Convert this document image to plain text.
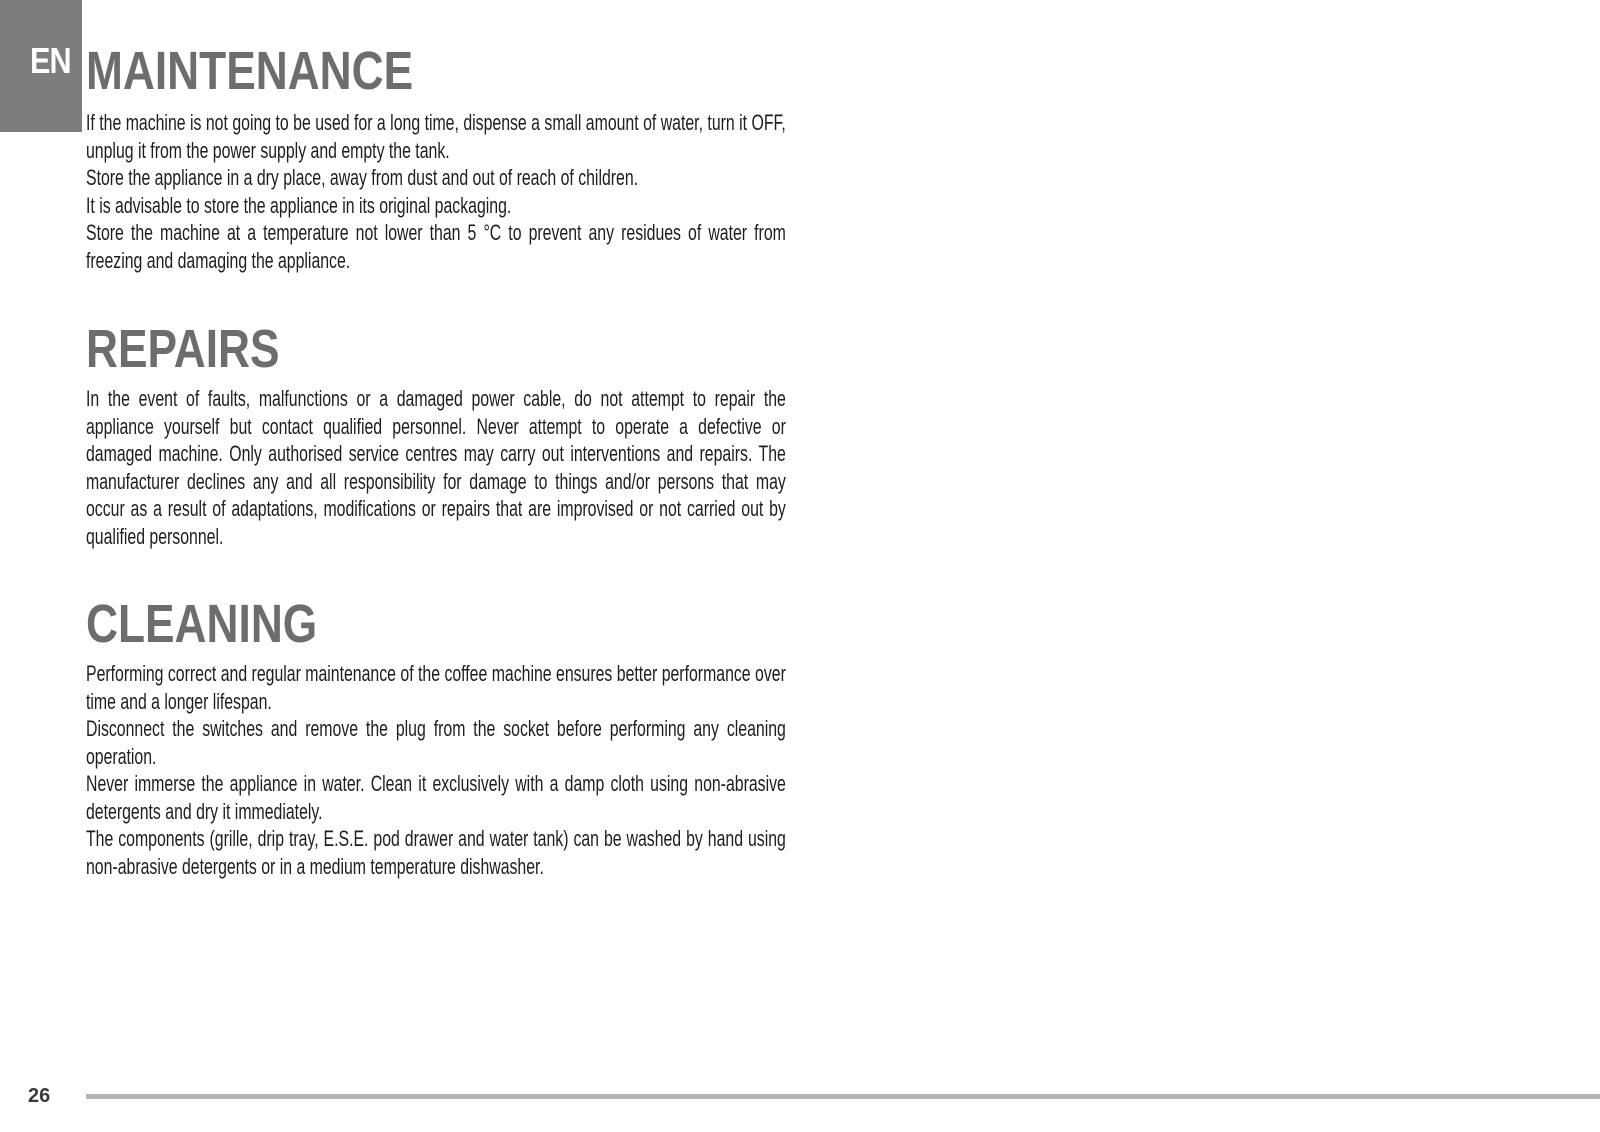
EN MAINTENANCE

If the machine is not going to be used for a long time, dispense a small amount of water, turn it OFF, unplug it from the power supply and empty the tank.

Store the appliance in a dry place, away from dust and out of reach of children.

It is advisable to store the appliance in its original packaging.

Store the machine at a temperature not lower than 5 °C to prevent any residues of water from freezing and damaging the appliance.

REPAIRS

In the event of faults, malfunctions or a damaged power cable, do not attempt to repair the appliance yourself but contact qualified personnel. Never attempt to operate a defective or damaged machine. Only authorised service centres may carry out interventions and repairs. The manufacturer declines any and all responsibility for damage to things and/or persons that may occur as a result of adaptations, modifications or repairs that are improvised or not carried out by qualified personnel.

CLEANING

Performing correct and regular maintenance of the coffee machine ensures better performance over time and a longer lifespan.

Disconnect the switches and remove the plug from the socket before performing any cleaning operation.

Never immerse the appliance in water. Clean it exclusively with a damp cloth using non-abrasive detergents and dry it immediately.

The components (grille, drip tray, E.S.E. pod drawer and water tank) can be washed by hand using non-abrasive detergents or in a medium temperature dishwasher.

26
